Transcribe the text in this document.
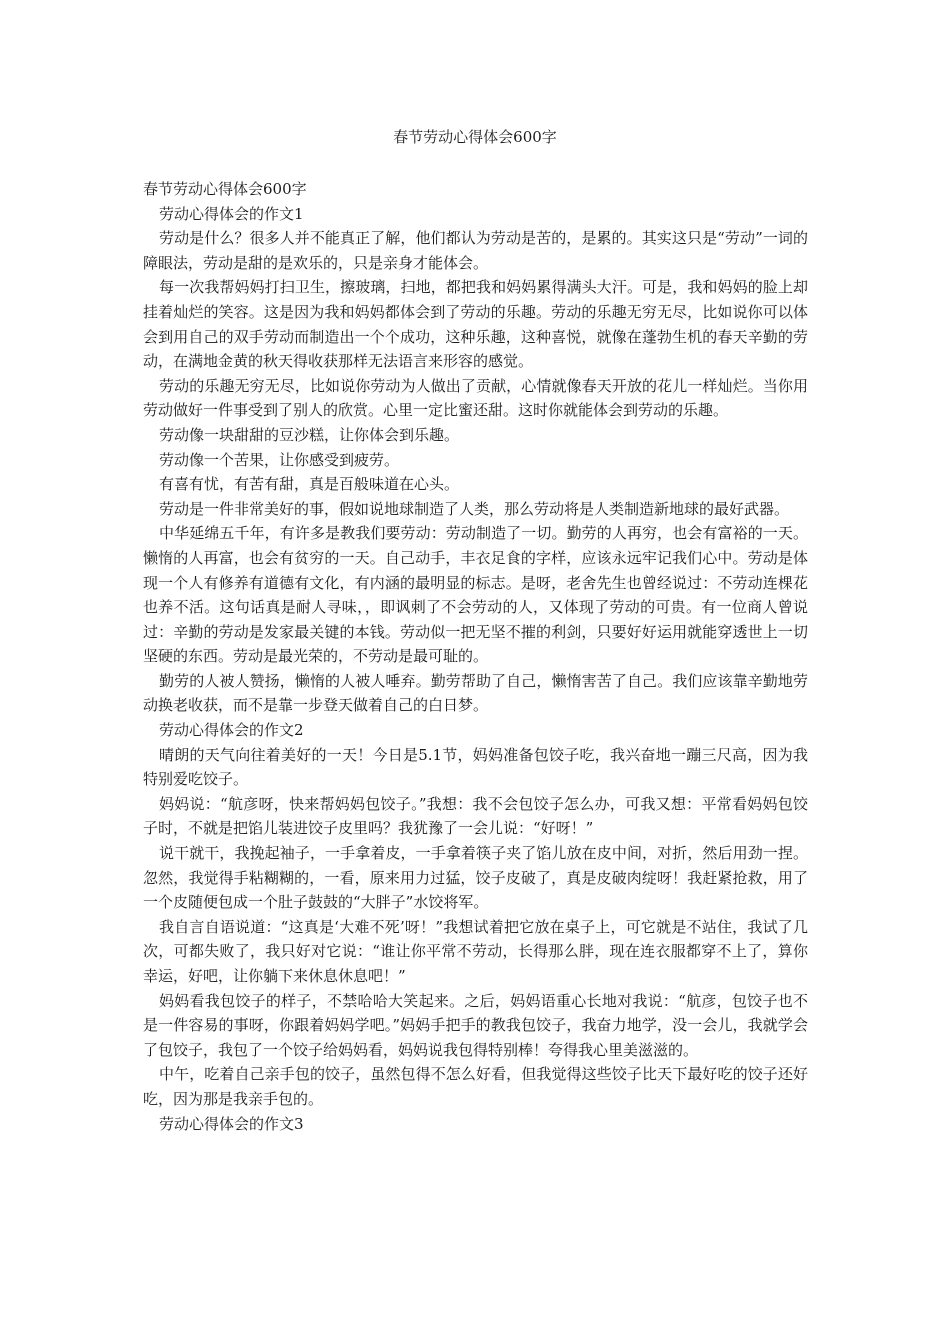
春节劳动心得体会600字

春节劳动心得体会600字

劳动心得体会的作文1

劳动是什么？很多人并不能真正了解，他们都认为劳动是苦的，是累的。其实这只是“劳动”一词的障眼法，劳动是甜的是欢乐的，只是亲身才能体会。

每一次我帮妈妈打扫卫生，擦玻璃，扫地，都把我和妈妈累得满头大汗。可是，我和妈妈的脸上却挂着灿烂的笑容。这是因为我和妈妈都体会到了劳动的乐趣。劳动的乐趣无穷无尽，比如说你可以体会到用自己的双手劳动而制造出一个个成功，这种乐趣，这种喜悦，就像在蓬勃生机的春天辛勤的劳动，在满地金黄的秋天得收获那样无法语言来形容的感觉。

劳动的乐趣无穷无尽，比如说你劳动为人做出了贡献，心情就像春天开放的花儿一样灿烂。当你用劳动做好一件事受到了别人的欣赏。心里一定比蜜还甜。这时你就能体会到劳动的乐趣。

劳动像一块甜甜的豆沙糕，让你体会到乐趣。

劳动像一个苦果，让你感受到疲劳。

有喜有忧，有苦有甜，真是百般味道在心头。

劳动是一件非常美好的事，假如说地球制造了人类，那么劳动将是人类制造新地球的最好武器。

中华延绵五千年，有许多是教我们要劳动：劳动制造了一切。勤劳的人再穷，也会有富裕的一天。懒惰的人再富，也会有贫穷的一天。自己动手，丰衣足食的字样，应该永远牢记我们心中。劳动是体现一个人有修养有道德有文化，有内涵的最明显的标志。是呀，老舍先生也曾经说过：不劳动连棵花也养不活。这句话真是耐人寻味，，即讽刺了不会劳动的人，又体现了劳动的可贵。有一位商人曾说过：辛勤的劳动是发家最关键的本钱。劳动似一把无坚不摧的利剑，只要好好运用就能穿透世上一切坚硬的东西。劳动是最光荣的，不劳动是最可耻的。

勤劳的人被人赞扬，懒惰的人被人唾弃。勤劳帮助了自己，懒惰害苦了自己。我们应该靠辛勤地劳动换老收获，而不是靠一步登天做着自己的白日梦。

劳动心得体会的作文2

晴朗的天气向往着美好的一天！今日是5.1节，妈妈准备包饺子吃，我兴奋地一蹦三尺高，因为我特别爱吃饺子。

妈妈说：“航彦呀，快来帮妈妈包饺子。”我想：我不会包饺子怎么办，可我又想：平常看妈妈包饺子时，不就是把馅儿装进饺子皮里吗？我犹豫了一会儿说：“好呀！”

说干就干，我挽起袖子，一手拿着皮，一手拿着筷子夹了馅儿放在皮中间，对折，然后用劲一捏。忽然，我觉得手粘糊糊的，一看，原来用力过猛，饺子皮破了，真是皮破肉绽呀！我赶紧抢救，用了一个皮随便包成一个肚子鼓鼓的“大胖子”水饺将军。

我自言自语说道：“这真是‘大难不死’呀！”我想试着把它放在桌子上，可它就是不站住，我试了几次，可都失败了，我只好对它说：“谁让你平常不劳动，长得那么胖，现在连衣服都穿不上了，算你幸运，好吧，让你躺下来休息休息吧！”

妈妈看我包饺子的样子，不禁哈哈大笑起来。之后，妈妈语重心长地对我说：“航彦，包饺子也不是一件容易的事呀，你跟着妈妈学吧。”妈妈手把手的教我包饺子，我奋力地学，没一会儿，我就学会了包饺子，我包了一个饺子给妈妈看，妈妈说我包得特别棒！夸得我心里美滋滋的。

中午，吃着自己亲手包的饺子，虽然包得不怎么好看，但我觉得这些饺子比天下最好吃的饺子还好吃，因为那是我亲手包的。

劳动心得体会的作文3
